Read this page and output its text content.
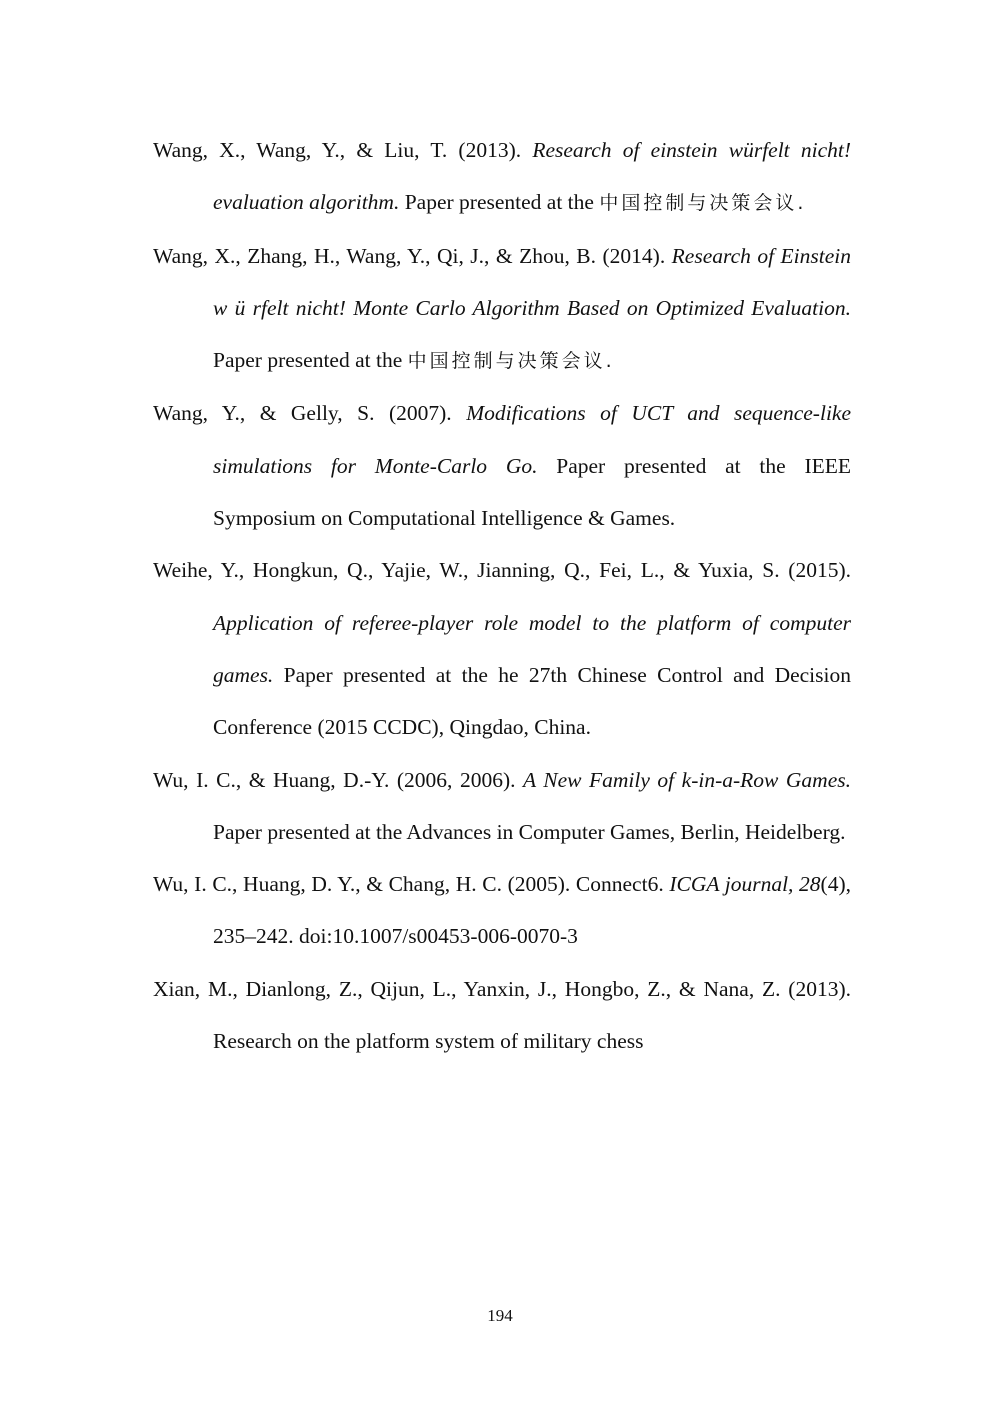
Wang, X., Wang, Y., & Liu, T. (2013). Research of einstein würfelt nicht! evaluation algorithm. Paper presented at the 中国控制与决策会议.

Wang, X., Zhang, H., Wang, Y., Qi, J., & Zhou, B. (2014). Research of Einstein w ü rfelt nicht! Monte Carlo Algorithm Based on Optimized Evaluation. Paper presented at the 中国控制与决策会议.

Wang, Y., & Gelly, S. (2007). Modifications of UCT and sequence-like simulations for Monte-Carlo Go. Paper presented at the IEEE Symposium on Computational Intelligence & Games.

Weihe, Y., Hongkun, Q., Yajie, W., Jianning, Q., Fei, L., & Yuxia, S. (2015). Application of referee-player role model to the platform of computer games. Paper presented at the he 27th Chinese Control and Decision Conference (2015 CCDC), Qingdao, China.

Wu, I. C., & Huang, D.-Y. (2006, 2006). A New Family of k-in-a-Row Games. Paper presented at the Advances in Computer Games, Berlin, Heidelberg.

Wu, I. C., Huang, D. Y., & Chang, H. C. (2005). Connect6. ICGA journal, 28(4), 235–242. doi:10.1007/s00453-006-0070-3

Xian, M., Dianlong, Z., Qijun, L., Yanxin, J., Hongbo, Z., & Nana, Z. (2013). Research on the platform system of military chess

194
